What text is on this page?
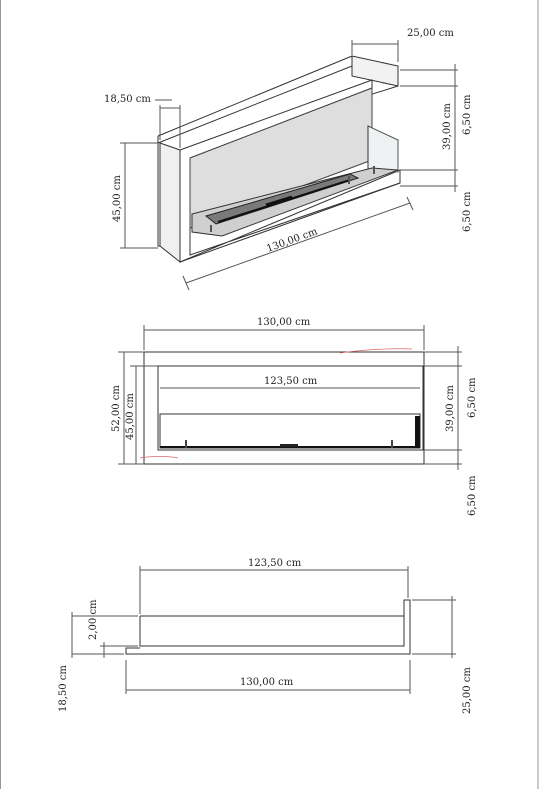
25,00 cm
18,50 cm
45,00 cm
130,00 cm
39,00 cm 6,50 cm
6,50 cm
130,00 cm
123,50 cm
52,00 cm 45,00 cm	39,00 cm 6,50 cm
6,50 cm
123,50 cm
130,00 cm
2,00 cm
18,50 cm	25,00 cm
